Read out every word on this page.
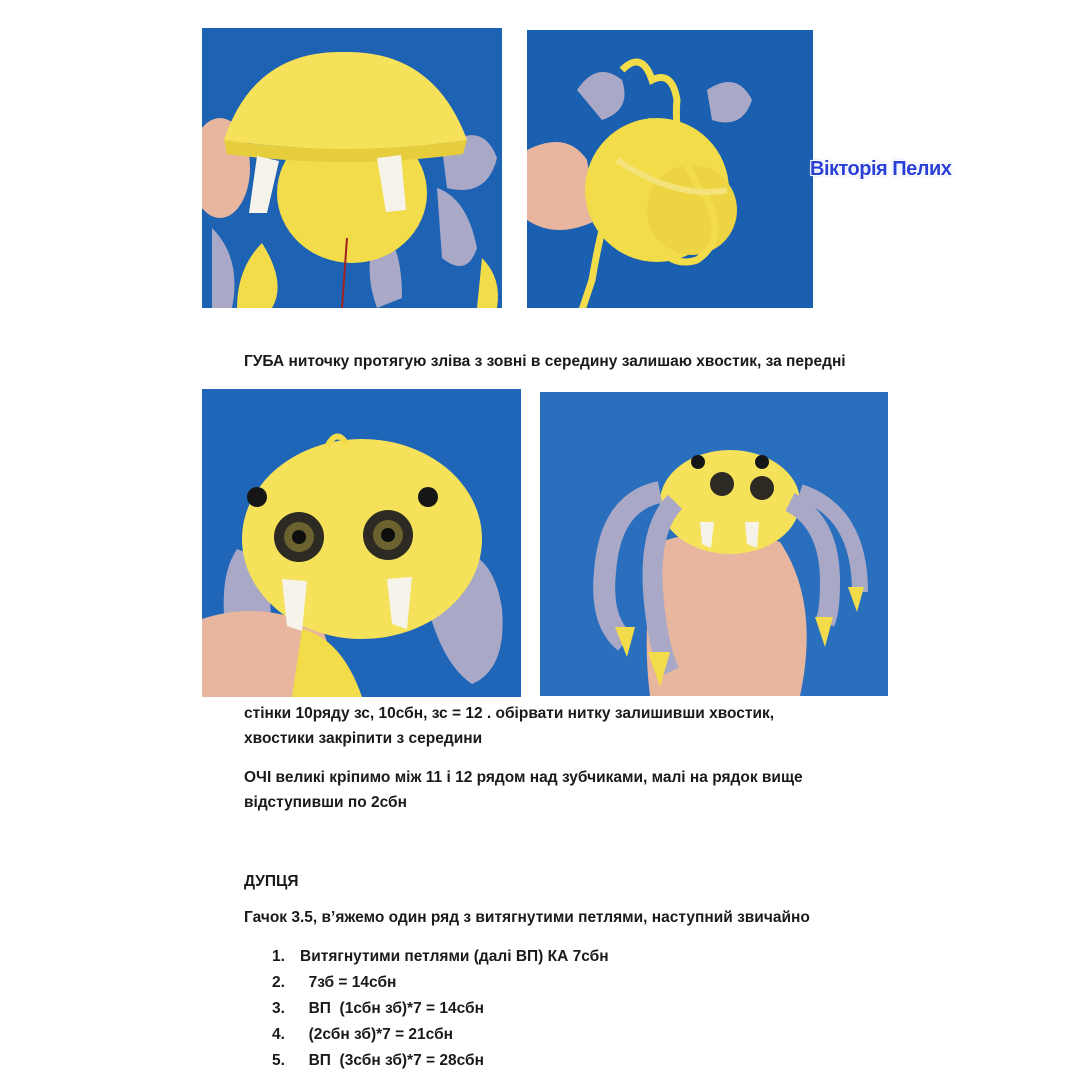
Вікторія Пелих
ГУБА ниточку протягую зліва з зовні в середину залишаю хвостик, за передні
стінки 10ряду зс, 10сбн, зс = 12 . обірвати нитку залишивши хвостик,
хвостики закріпити з середини
ОЧІ великі кріпимо між 11 і 12 рядом над зубчиками, малі на рядок вище
відступивши по 2сбн
ДУПЦЯ
Гачок 3.5, в’яжемо один ряд з витягнутими петлями, наступний звичайно
1. Витягнутими петлями (далі ВП) КА 7сбн
2. 7зб = 14сбн
3. ВП  (1сбн зб)*7 = 14сбн
4. (2сбн зб)*7 = 21сбн
5. ВП  (3сбн зб)*7 = 28сбн
